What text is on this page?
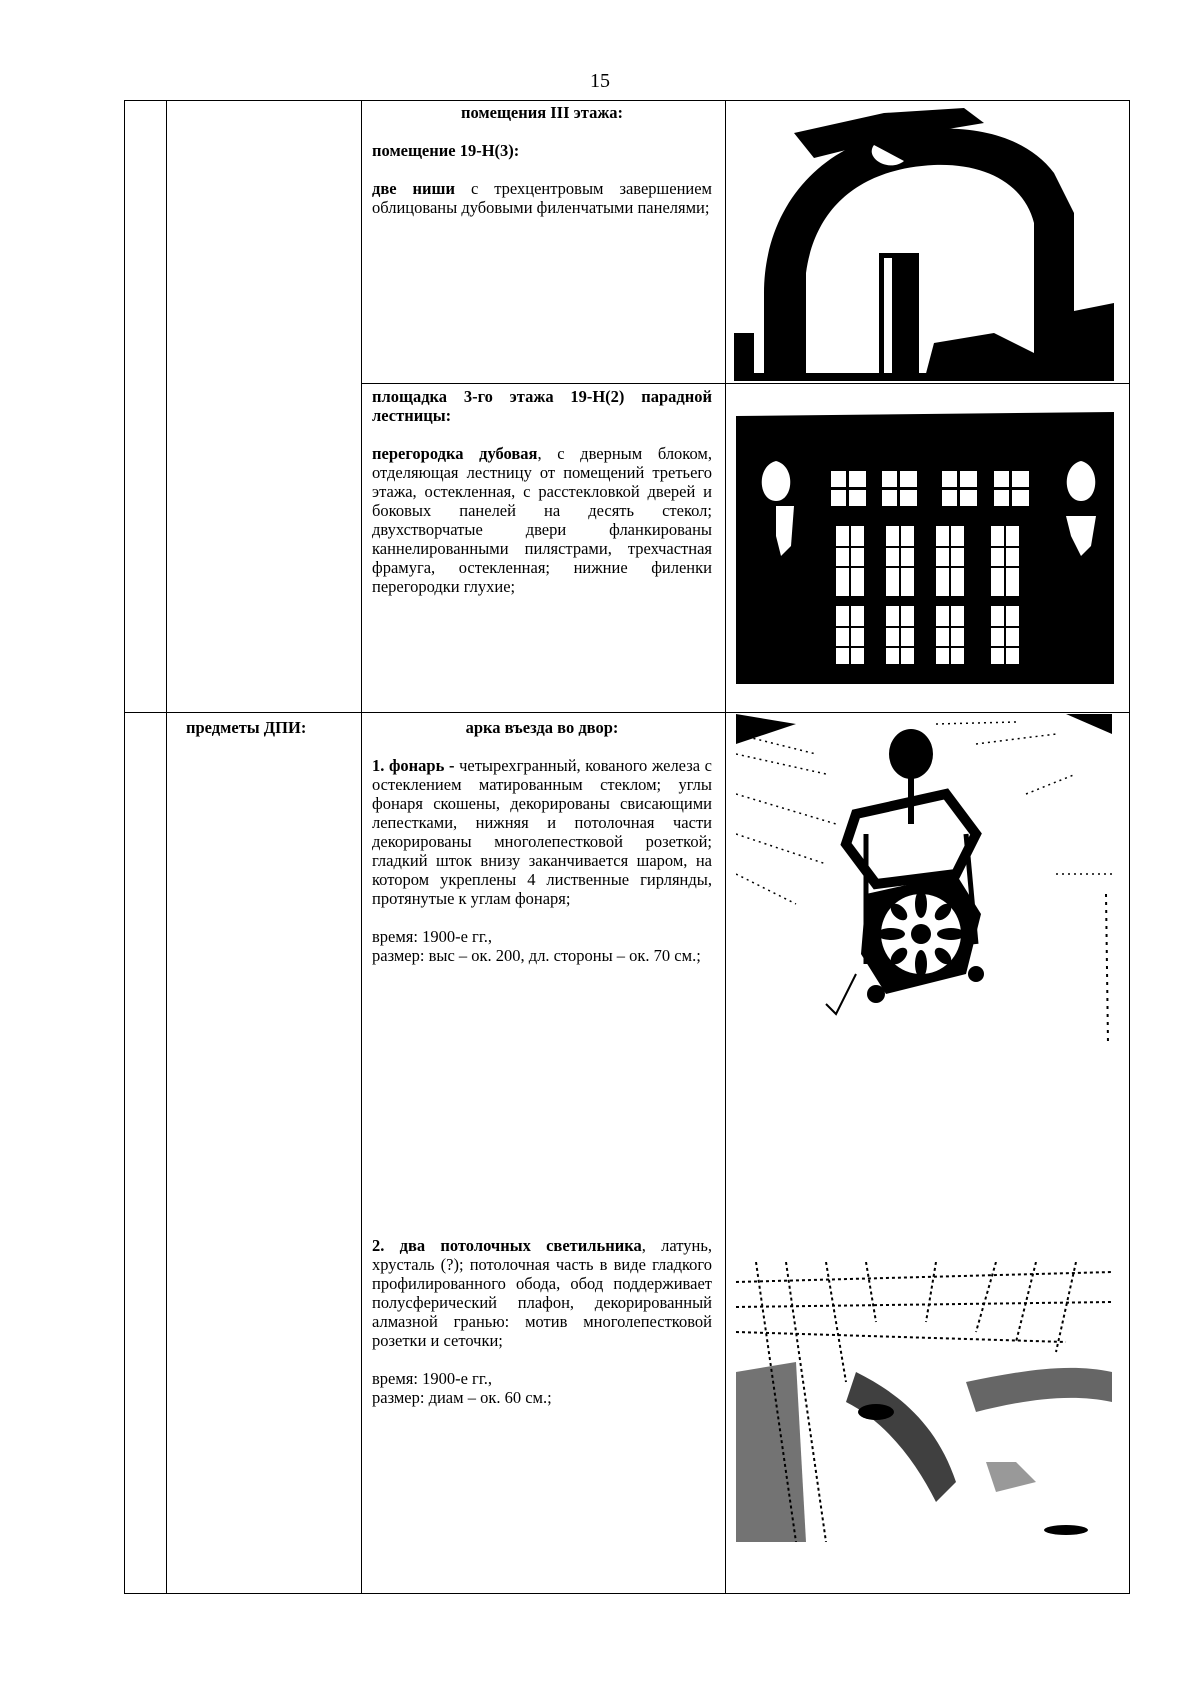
15

помещения III этажа:

помещение 19-Н(3):

две ниши с трехцентровым завершением облицованы дубовыми филенчатыми панелями;

площадка 3-го этажа 19-Н(2) парадной лестницы:

перегородка дубовая, с дверным блоком, отделяющая лестницу от помещений третьего этажа, остекленная, с расстекловкой дверей и боковых панелей на десять стекол; двухстворчатые двери фланкированы каннелированными пилястрами, трехчастная фрамуга, остекленная; нижние филенки перегородки глухие;

предметы ДПИ:	арка въезда во двор:

1. фонарь - четырехгранный, кованого железа с остеклением матированным стеклом; углы фонаря скошены, декорированы свисающими лепестками, нижняя и потолочная части декорированы многолепестковой розеткой; гладкий шток внизу заканчивается шаром, на котором укреплены 4 лиственные гирлянды, протянутые к углам фонаря;

время: 1900-е гг.,

размер: выс – ок. 200, дл. стороны – ок. 70 см.;

2. два потолочных светильника, латунь, хрусталь (?); потолочная часть в виде гладкого профилированного обода, обод поддерживает полусферический плафон, декорированный алмазной гранью: мотив многолепестковой розетки и сеточки;

время: 1900-е гг.,

размер: диам – ок. 60 см.;
